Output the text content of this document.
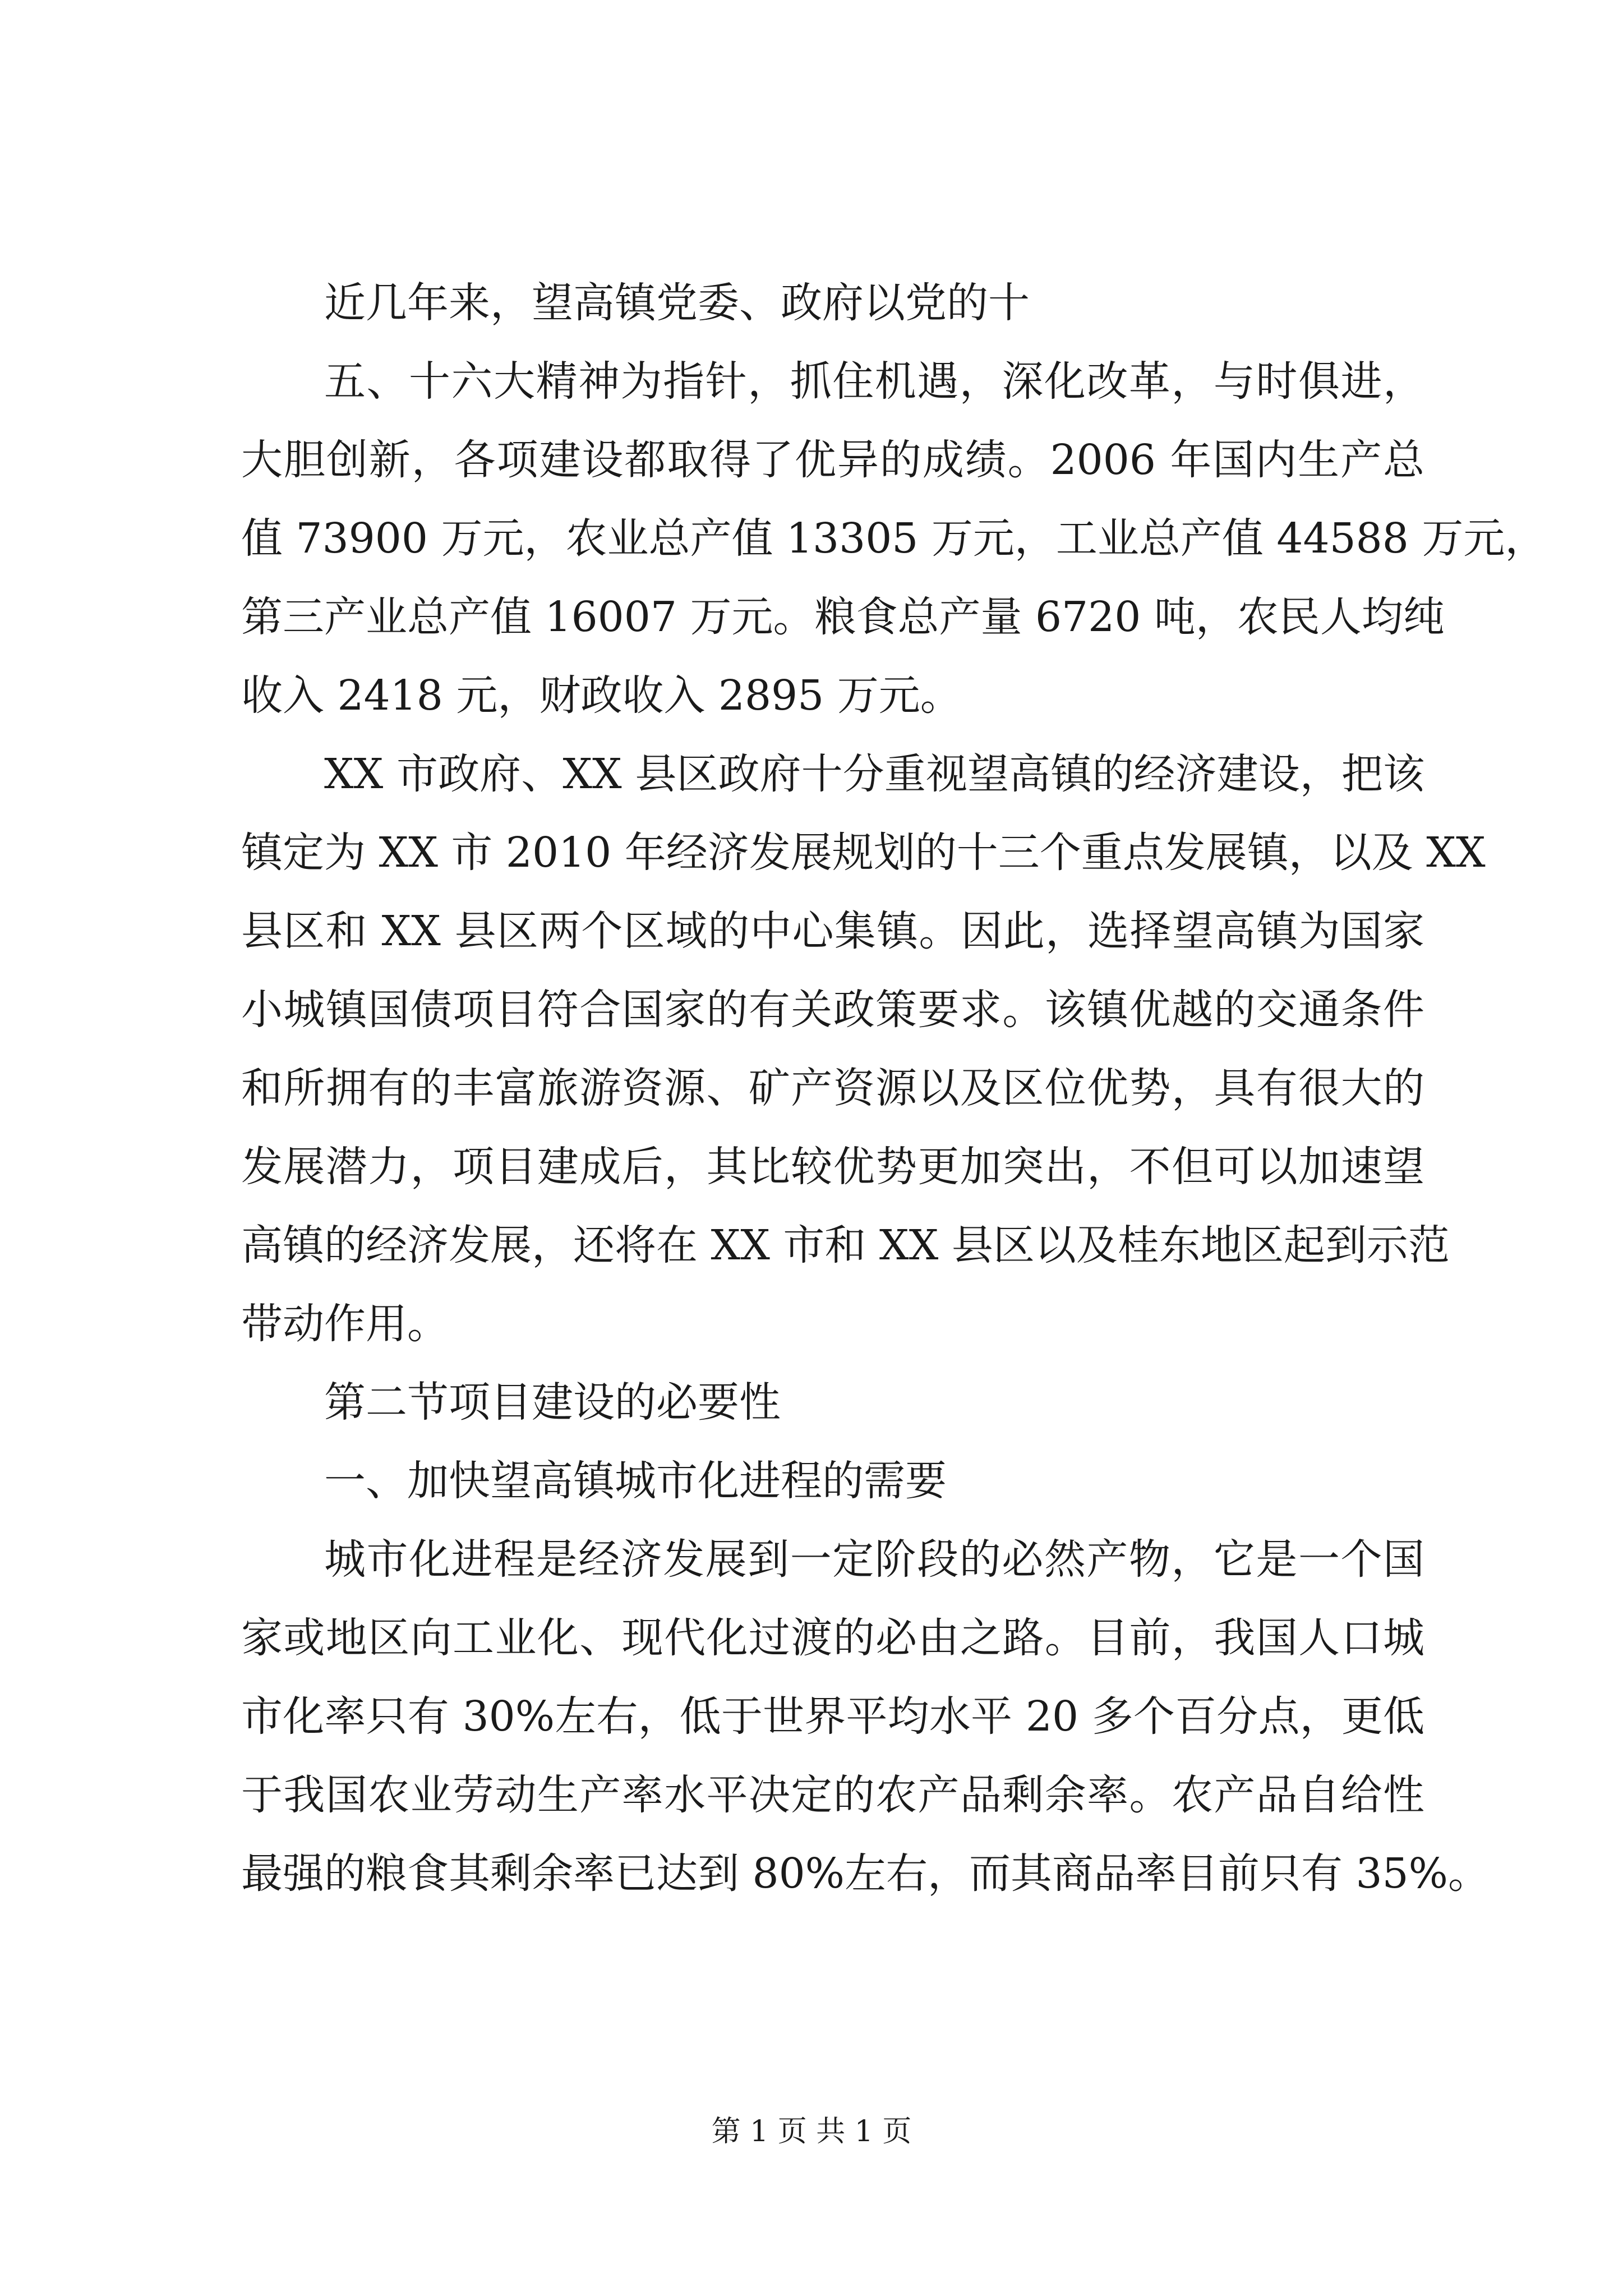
近几年来，望高镇党委、政府以党的十
五、十六大精神为指针，抓住机遇，深化改革，与时俱进，
大胆创新，各项建设都取得了优异的成绩。2006 年国内生产总
值 73900 万元，农业总产值 13305 万元，工业总产值 44588 万元，
第三产业总产值 16007 万元。粮食总产量 6720 吨，农民人均纯
收入 2418 元，财政收入 2895 万元。
XX 市政府、XX 县区政府十分重视望高镇的经济建设，把该
镇定为 XX 市 2010 年经济发展规划的十三个重点发展镇，以及 XX
县区和 XX 县区两个区域的中心集镇。因此，选择望高镇为国家
小城镇国债项目符合国家的有关政策要求。该镇优越的交通条件
和所拥有的丰富旅游资源、矿产资源以及区位优势，具有很大的
发展潜力，项目建成后，其比较优势更加突出，不但可以加速望
高镇的经济发展，还将在 XX 市和 XX 县区以及桂东地区起到示范
带动作用。
第二节项目建设的必要性
一、加快望高镇城市化进程的需要
城市化进程是经济发展到一定阶段的必然产物，它是一个国
家或地区向工业化、现代化过渡的必由之路。目前，我国人口城
市化率只有 30%左右，低于世界平均水平 20 多个百分点，更低
于我国农业劳动生产率水平决定的农产品剩余率。农产品自给性
最强的粮食其剩余率已达到 80%左右，而其商品率目前只有 35%。
第 1 页 共 1 页
